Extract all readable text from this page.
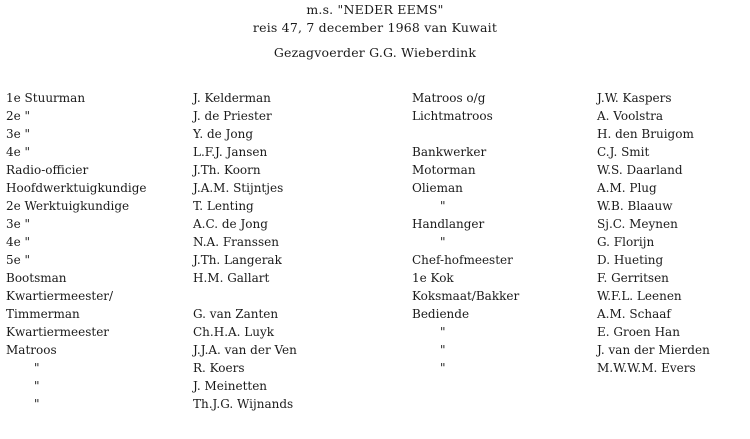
m.s. "NEDER EEMS"
reis 47, 7 december 1968 van Kuwait
Gezagvoerder G.G. Wieberdink
1e Stuurman
2e "
3e "
4e "
Radio-officier
Hoofdwerktuigkundige
2e Werktuigkundige
3e "
4e "
5e "
Bootsman
Kwartiermeester/
Timmerman
Kwartiermeester
Matroos
"
"
"
J. Kelderman
J. de Priester
Y. de Jong
L.F.J. Jansen
J.Th. Koorn
J.A.M. Stijntjes
T. Lenting
A.C. de Jong
N.A. Franssen
J.Th. Langerak
H.M. Gallart
G. van Zanten
Ch.H.A. Luyk
J.J.A. van der Ven
R. Koers
J. Meinetten
Th.J.G. Wijnands
Matroos o/g
Lichtmatroos
Bankwerker
Motorman
Olieman
"
Handlanger
"
Chef-hofmeester
1e Kok
Koksmaat/Bakker
Bediende
"
"
"
J.W. Kaspers
A. Voolstra
H. den Bruigom
C.J. Smit
W.S. Daarland
A.M. Plug
W.B. Blaauw
Sj.C. Meynen
G. Florijn
D. Hueting
F. Gerritsen
W.F.L. Leenen
A.M. Schaaf
E. Groen Han
J. van der Mierden
M.W.W.M. Evers
